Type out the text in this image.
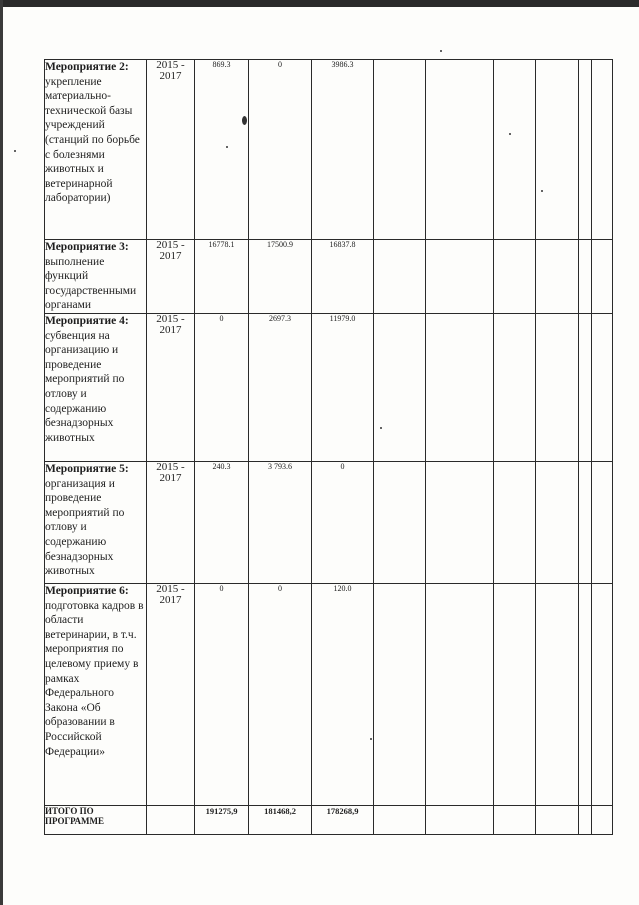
Мероприятие 2: укрепление материально-технической базы учреждений (станций по борьбе с болезнями животных и ветеринарной лаборатории)	2015 - 2017	869.3	0	3986.3						
Мероприятие 3: выполнение функций государственными органами	2015 - 2017	16778.1	17500.9	16837.8						
Мероприятие 4: субвенция на организацию и проведение мероприятий по отлову и содержанию безнадзорных животных	2015 - 2017	0	2697.3	11979.0						
Мероприятие 5: организация и проведение мероприятий по отлову и содержанию безнадзорных животных	2015 - 2017	240.3	3 793.6	0						
Мероприятие 6: подготовка кадров в области ветеринарии, в т.ч. мероприятия по целевому приему в рамках Федерального Закона «Об образовании в Российской Федерации»	2015 - 2017	0	0	120.0						
ИТОГО ПО ПРОГРАММЕ		191275,9	181468,2	178268,9						
